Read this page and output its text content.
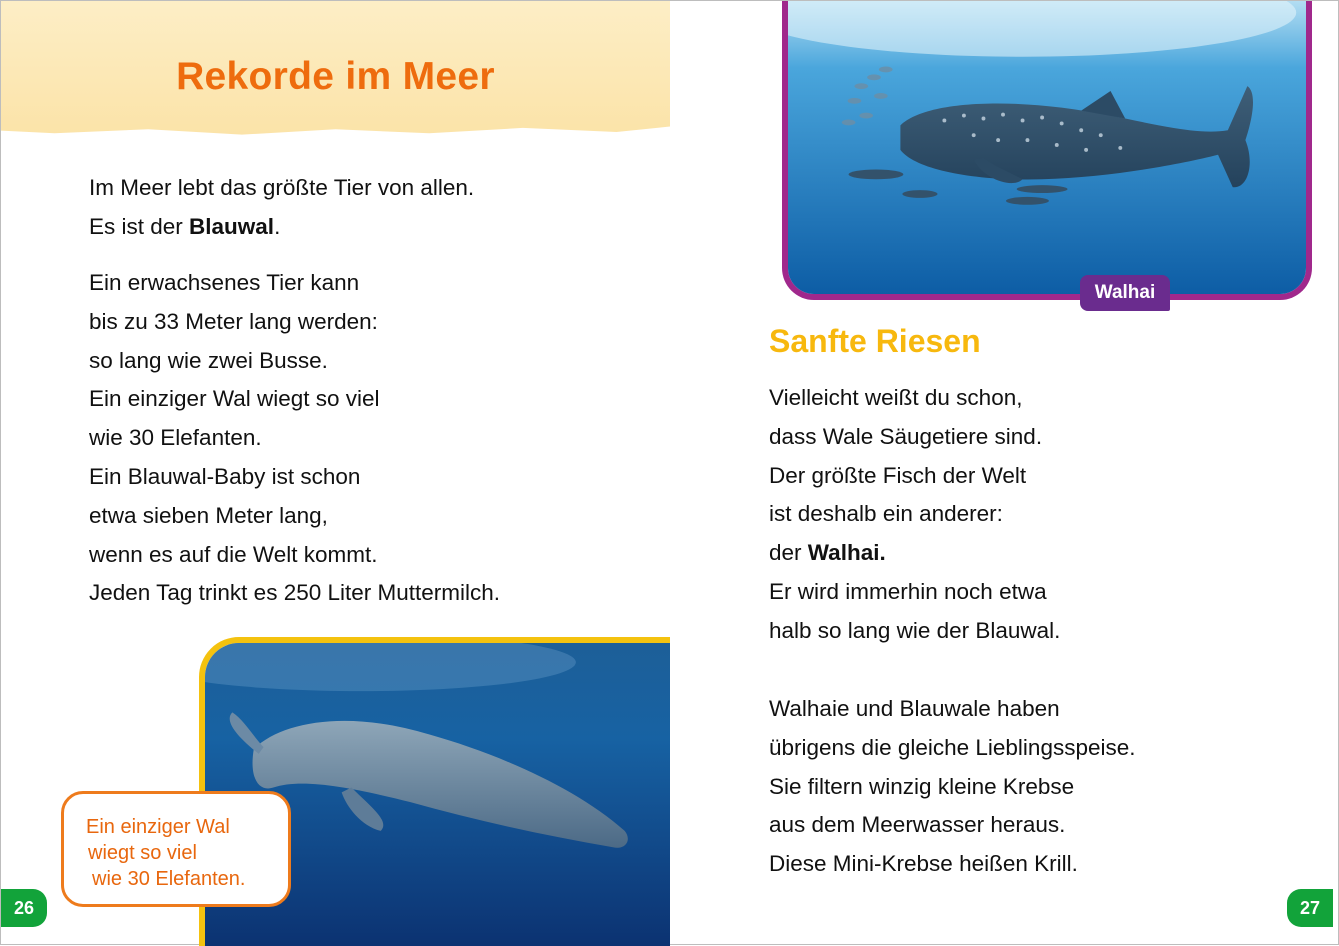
Rekorde im Meer

Im Meer lebt das größte Tier von allen.

Es ist der Blauwal.

Ein erwachsenes Tier kann

bis zu 33 Meter lang werden:

so lang wie zwei Busse.

Ein einziger Wal wiegt so viel

wie 30 Elefanten.

Ein Blauwal-Baby ist schon

etwa sieben Meter lang,

wenn es auf die Welt kommt.

Jeden Tag trinkt es 250 Liter Muttermilch.

Ein einziger Wal

wiegt so viel

wie 30 Elefanten.

26
Walhai
Sanfte Riesen

Vielleicht weißt du schon,

dass Wale Säugetiere sind.

Der größte Fisch der Welt

ist deshalb ein anderer:

der Walhai.

Er wird immerhin noch etwa

halb so lang wie der Blauwal.

Walhaie und Blauwale haben

übrigens die gleiche Lieblingsspeise.

Sie filtern winzig kleine Krebse

aus dem Meerwasser heraus.

Diese Mini-Krebse heißen Krill.

27
